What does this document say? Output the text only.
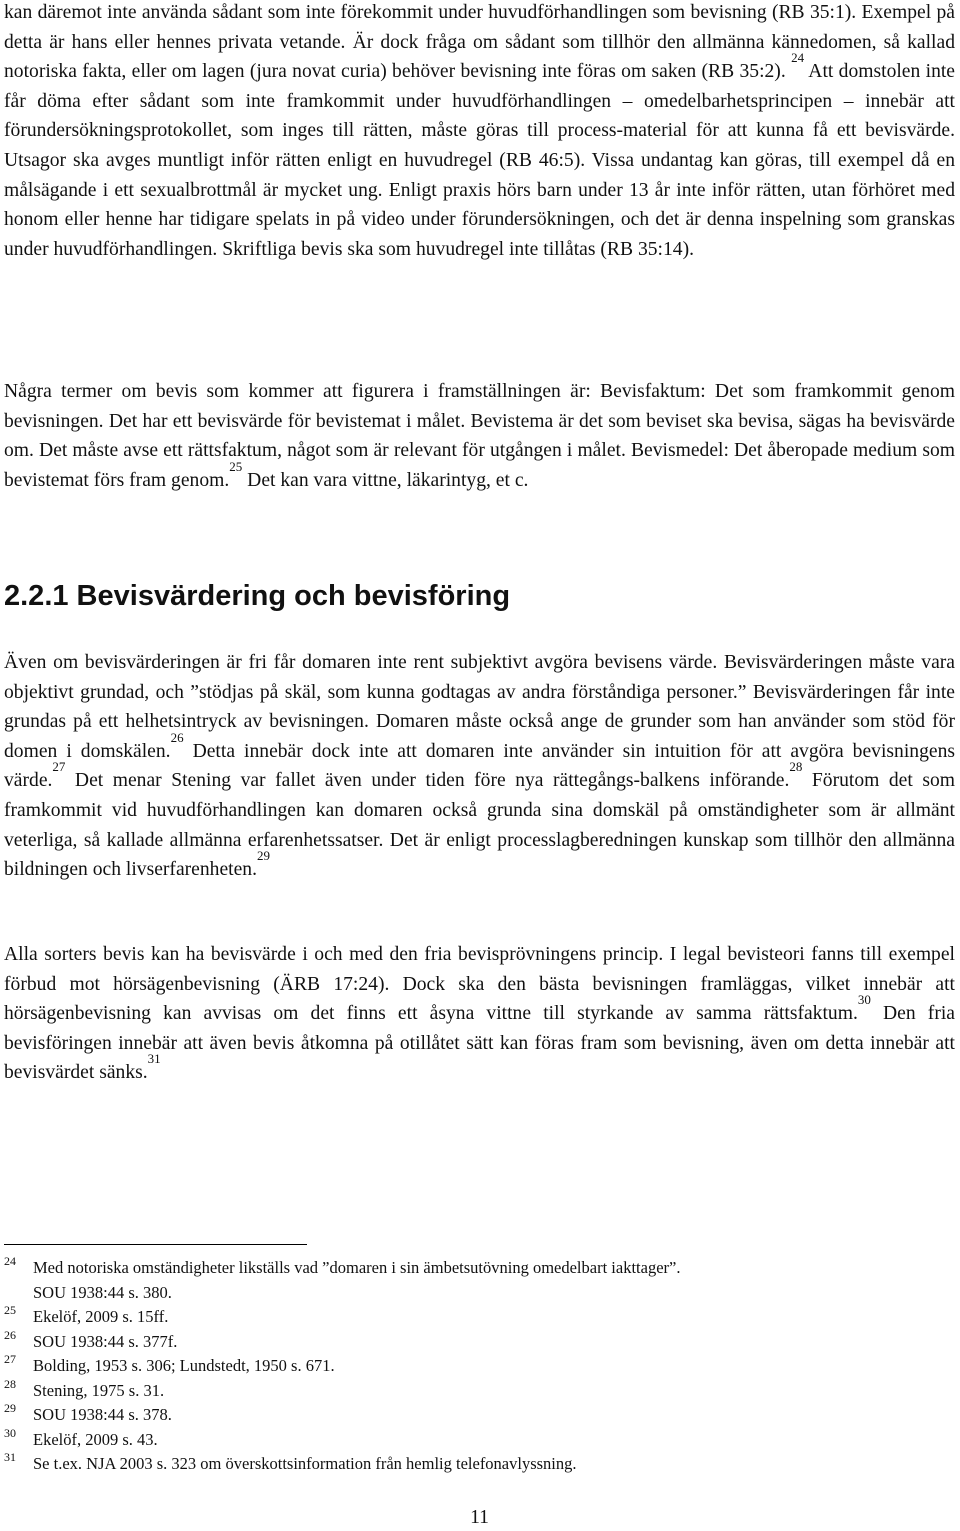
kan däremot inte använda sådant som inte förekommit under huvudförhandlingen som bevisning (RB 35:1). Exempel på detta är hans eller hennes privata vetande. Är dock fråga om sådant som tillhör den allmänna kännedomen, så kallad notoriska fakta, eller om lagen (jura novat curia) behöver bevisning inte föras om saken (RB 35:2). $^{24}$ Att domstolen inte får döma efter sådant som inte framkommit under huvudförhandlingen – omedelbarhetsprincipen – innebär att förundersökningsprotokollet, som inges till rätten, måste göras till process-material för att kunna få ett bevisvärde. Utsagor ska avges muntligt inför rätten enligt en huvudregel (RB 46:5). Vissa undantag kan göras, till exempel då en målsägande i ett sexualbrottmål är mycket ung. Enligt praxis hörs barn under 13 år inte inför rätten, utan förhöret med honom eller henne har tidigare spelats in på video under förundersökningen, och det är denna inspelning som granskas under huvudförhandlingen. Skriftliga bevis ska som huvudregel inte tillåtas (RB 35:14).

Några termer om bevis som kommer att figurera i framställningen är: Bevisfaktum: Det som framkommit genom bevisningen. Det har ett bevisvärde för bevistemat i målet. Bevistema är det som beviset ska bevisa, sägas ha bevisvärde om. Det måste avse ett rättsfaktum, något som är relevant för utgången i målet. Bevismedel: Det åberopade medium som bevistemat förs fram genom.$^{25}$ Det kan vara vittne, läkarintyg, et c.

2.2.1 Bevisvärdering och bevisföring

Även om bevisvärderingen är fri får domaren inte rent subjektivt avgöra bevisens värde. Bevisvärderingen måste vara objektivt grundad, och ”stödjas på skäl, som kunna godtagas av andra förståndiga personer.” Bevisvärderingen får inte grundas på ett helhetsintryck av bevisningen. Domaren måste också ange de grunder som han använder som stöd för domen i domskälen.$^{26}$ Detta innebär dock inte att domaren inte använder sin intuition för att avgöra bevisningens värde.$^{27}$ Det menar Stening var fallet även under tiden före nya rättegångs-balkens införande.$^{28}$ Förutom det som framkommit vid huvudförhandlingen kan domaren också grunda sina domskäl på omständigheter som är allmänt veterliga, så kallade allmänna erfarenhetssatser. Det är enligt processlagberedningen kunskap som tillhör den allmänna bildningen och livserfarenheten.$^{29}$

Alla sorters bevis kan ha bevisvärde i och med den fria bevisprövningens princip. I legal bevisteori fanns till exempel förbud mot hörsägenbevisning (ÄRB 17:24). Dock ska den bästa bevisningen framläggas, vilket innebär att hörsägenbevisning kan avvisas om det finns ett åsyna vittne till styrkande av samma rättsfaktum.$^{30}$ Den fria bevisföringen innebär att även bevis åtkomna på otillåtet sätt kan föras fram som bevisning, även om detta innebär att bevisvärdet sänks.$^{31}$

24	Med notoriska omständigheter likställs vad ”domaren i sin ämbetsutövning omedelbart iakttager”.
SOU 1938:44 s. 380.
25	Ekelöf, 2009 s. 15ff.
26	SOU 1938:44 s. 377f.
27	Bolding, 1953 s. 306; Lundstedt, 1950 s. 671.
28	Stening, 1975 s. 31.
29	SOU 1938:44 s. 378.
30	Ekelöf, 2009 s. 43.
31	Se t.ex. NJA 2003 s. 323 om överskottsinformation från hemlig telefonavlyssning.
11
